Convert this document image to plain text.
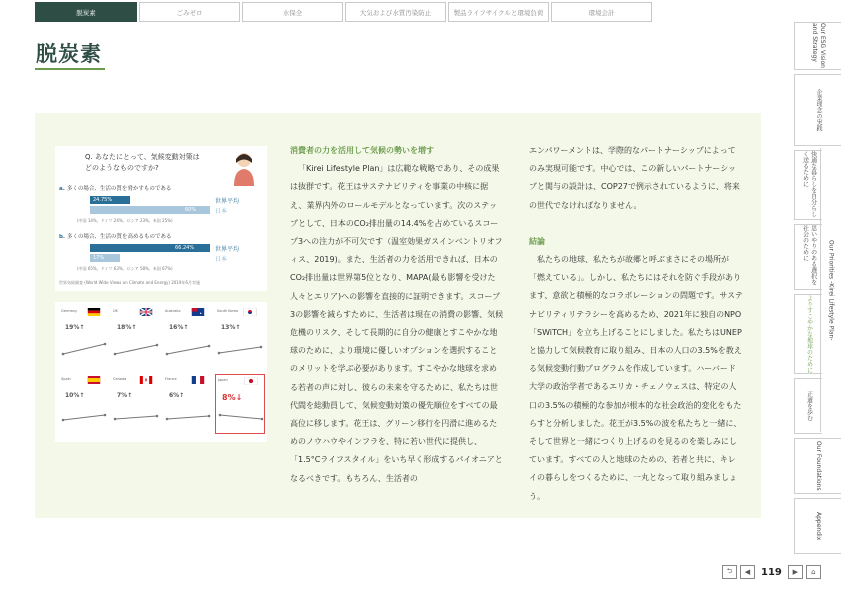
脱炭素	ごみゼロ	水保全	大気および水質汚染防止	製品ライフサイクルと環境負荷	環境会計
脱炭素	Our ESG Vision and Strategy
企業理念の実践
快適な暮らしを自分らしく送るために
思いやりのある選択を社会のために
よりすこやかな地球のために
正道を歩む
Our Foundations
Appendix
Our Priorities -Kirei Lifestyle Plan-
Q. あなたにとって、気候変動対策は
どのようなものですか?
a. 多くの場合、生活の質を脅かすものである
24.75%
60%
(中国 14%、ドイツ 24%、ロシア 23%、米国 25%)
世界平均
日本
b. 多くの場合、生活の質を高めるものである
66.24%
17%
(中国 65%、ドイツ 63%、ロシア 58%、米国 67%)
世界平均
日本
世界気候調査 (World Wide Views on Climate and Energy) 2019年6月実施
Germany
19%↑
UK
18%↑
Australia
16%↑
South Korea
13%↑
Spain
10%↑
Canada
7%↑
France
6%↑
Japan
8%↓
消費者の力を活用して気候の勢いを増す

「Kirei Lifestyle Plan」は広範な戦略であり、その成果は抜群です。花王はサステナビリティを事業の中核に据え、業界内外のロールモデルとなっています。次のステップとして、日本のCO₂排出量の14.4%を占めているスコープ3への注力が不可欠です（温室効果ガスインベントリオフィス、2019)。また、生活者の力を活用できれば、日本のCO₂排出量は世界第5位となり、MAPA(最も影響を受けた人々とエリア)への影響を直接的に証明できます。スコープ3の影響を減らすために、生活者は現在の消費の影響、気候危機のリスク、そして長期的に自分の健康とすこやかな地球のために、より環境に優しいオプションを選択することのメリットを学ぶ必要があります。すこやかな地球を求める若者の声に対し、彼らの未来を守るために、私たちは世代間を総動員して、気候変動対策の優先順位をすべての最高位に移します。花王は、グリーン移行を円滑に進めるためのノウハウやインフラを、特に若い世代に提供し、「1.5°Cライフスタイル」をいち早く形成するパイオニアとなるべきです。もちろん、生活者の

エンパワーメントは、学際的なパートナーシップによってのみ実現可能です。中心では、この新しいパートナーシップと関与の設計は、COP27で例示されているように、将来の世代でなければなりません。

結論

私たちの地球、私たちが故郷と呼ぶまさにその場所が「燃えている」。しかし、私たちにはそれを防ぐ手段があります、意欲と積極的なコラボレーションの問題です。サステナビリティリテラシーを高めるため、2021年に独自のNPO「SWiTCH」を立ち上げることにしました。私たちはUNEPと協力して気候教育に取り組み、日本の人口の3.5%を教える気候変動行動プログラムを作成しています。ハーバード大学の政治学者であるエリカ・チェノウェスは、特定の人口の3.5%の積極的な参加が根本的な社会政治的変化をもたらすと分析しました。花王が3.5%の波を私たちと一緒に、そして世界と一緒につくり上げるのを見るのを楽しみにしています。すべての人と地球のための、若者と共に、キレイの暮らしをつくるために、一丸となって取り組みましょう。

⮌ ◀ 119 ▶ ⌂
